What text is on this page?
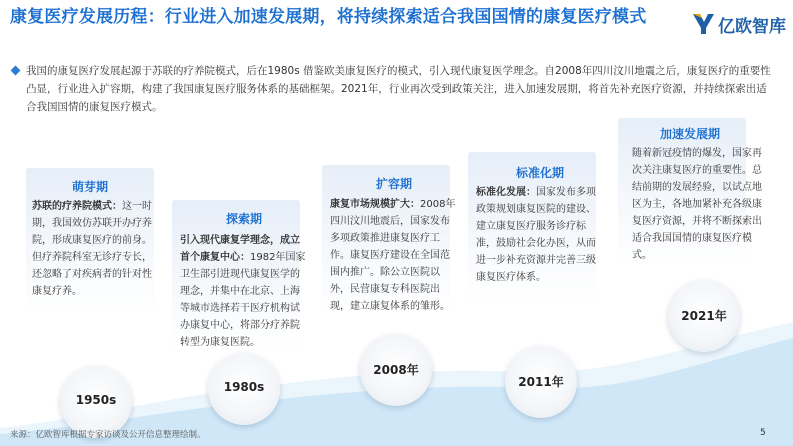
康复医疗发展历程：行业进入加速发展期，将持续探索适合我国国情的康复医疗模式	亿欧智库
我国的康复医疗发展起源于苏联的疗养院模式，后在1980s 借鉴欧美康复医疗的模式，引入现代康复医学理念。自2008年四川汶川地震之后，康复医疗的重要性凸显，行业进入扩容期，构建了我国康复医疗服务体系的基础框架。2021年，行业再次受到政策关注，进入加速发展期，将首先补充医疗资源，并持续探索出适合我国国情的康复医疗模式。
萌芽期
苏联的疗养院模式：这一时期，我国效仿苏联开办疗养院，形成康复医疗的前身。但疗养院科室无诊疗专长，还忽略了对疾病者的针对性康复疗养。
1950s
探索期
引入现代康复学理念，成立首个康复中心：1982年国家卫生部引进现代康复医学的理念，并集中在北京、上海等城市选择若干医疗机构试办康复中心，将部分疗养院转型为康复医院。
1980s
扩容期
康复市场规模扩大：2008年四川汶川地震后，国家发布多项政策推进康复医疗工作。康复医疗建设在全国范围内推广。除公立医院以外，民营康复专科医院出现，建立康复体系的雏形。
2008年
标准化期
标准化发展：国家发布多项政策规划康复医院的建设、建立康复医疗服务诊疗标准，鼓励社会化办医，从而进一步补充资源并完善三级康复医疗体系。
2011年
加速发展期
随着新冠疫情的爆发，国家再次关注康复医疗的重要性。总结前期的发展经验，以试点地区为主，各地加紧补充各级康复医疗资源，并将不断探索出适合我国国情的康复医疗模式。
2021年
来源：亿欧智库根据专家访谈及公开信息整理绘制。	5
